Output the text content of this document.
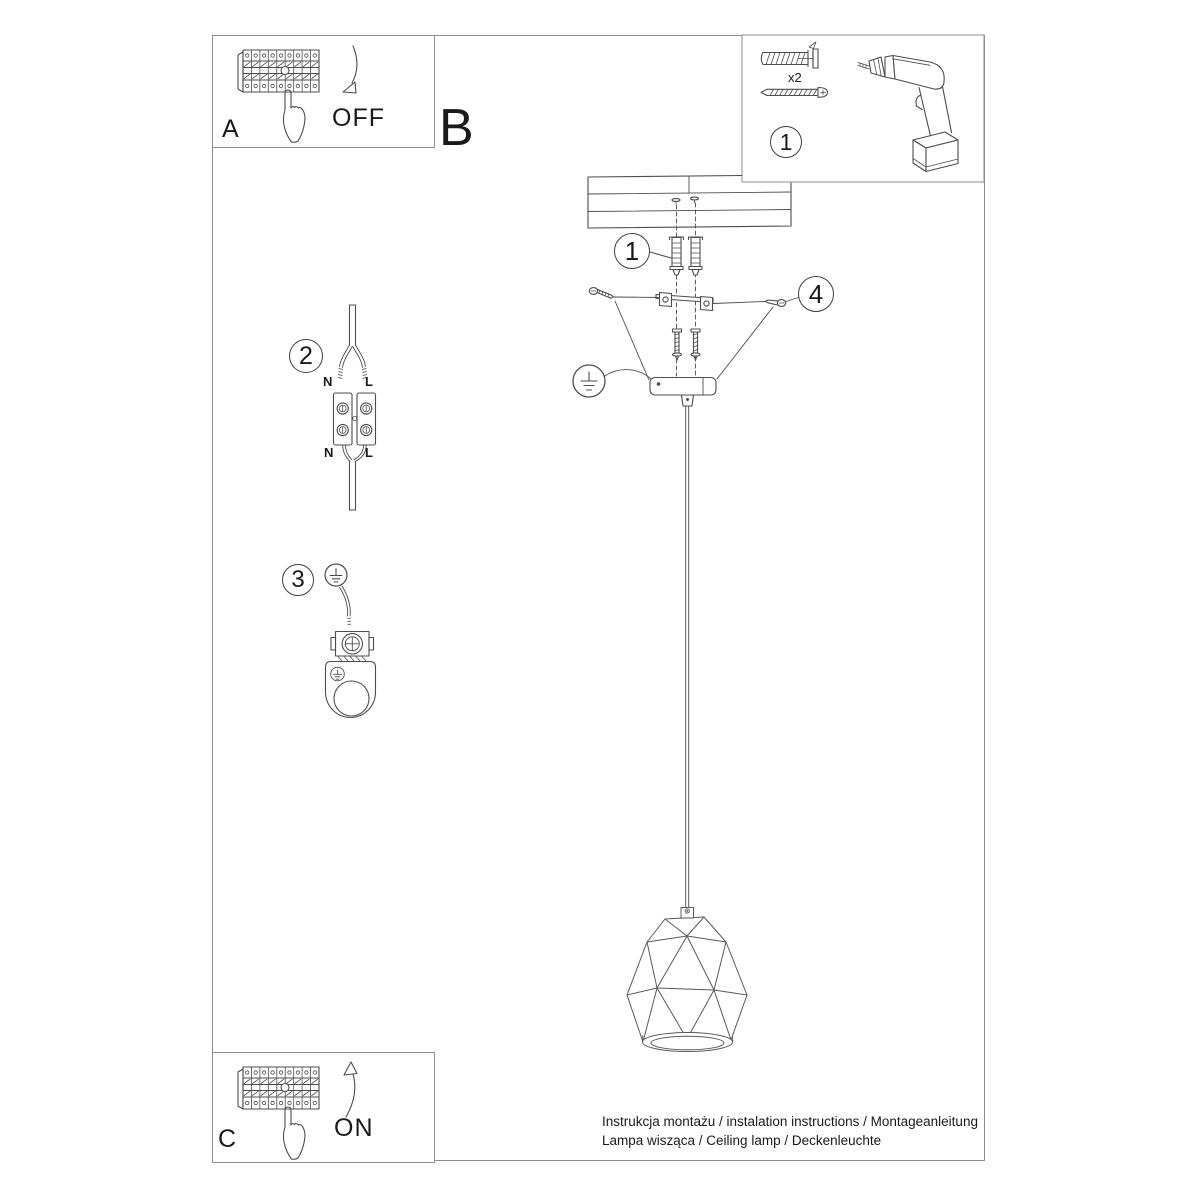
A	B
C
OFF
ON
x2
1
1
4
2
3
N	L
N L
Instrukcja montażu / instalation instructions / Montageanleitung
Lampa wisząca / Ceiling lamp / Deckenleuchte
